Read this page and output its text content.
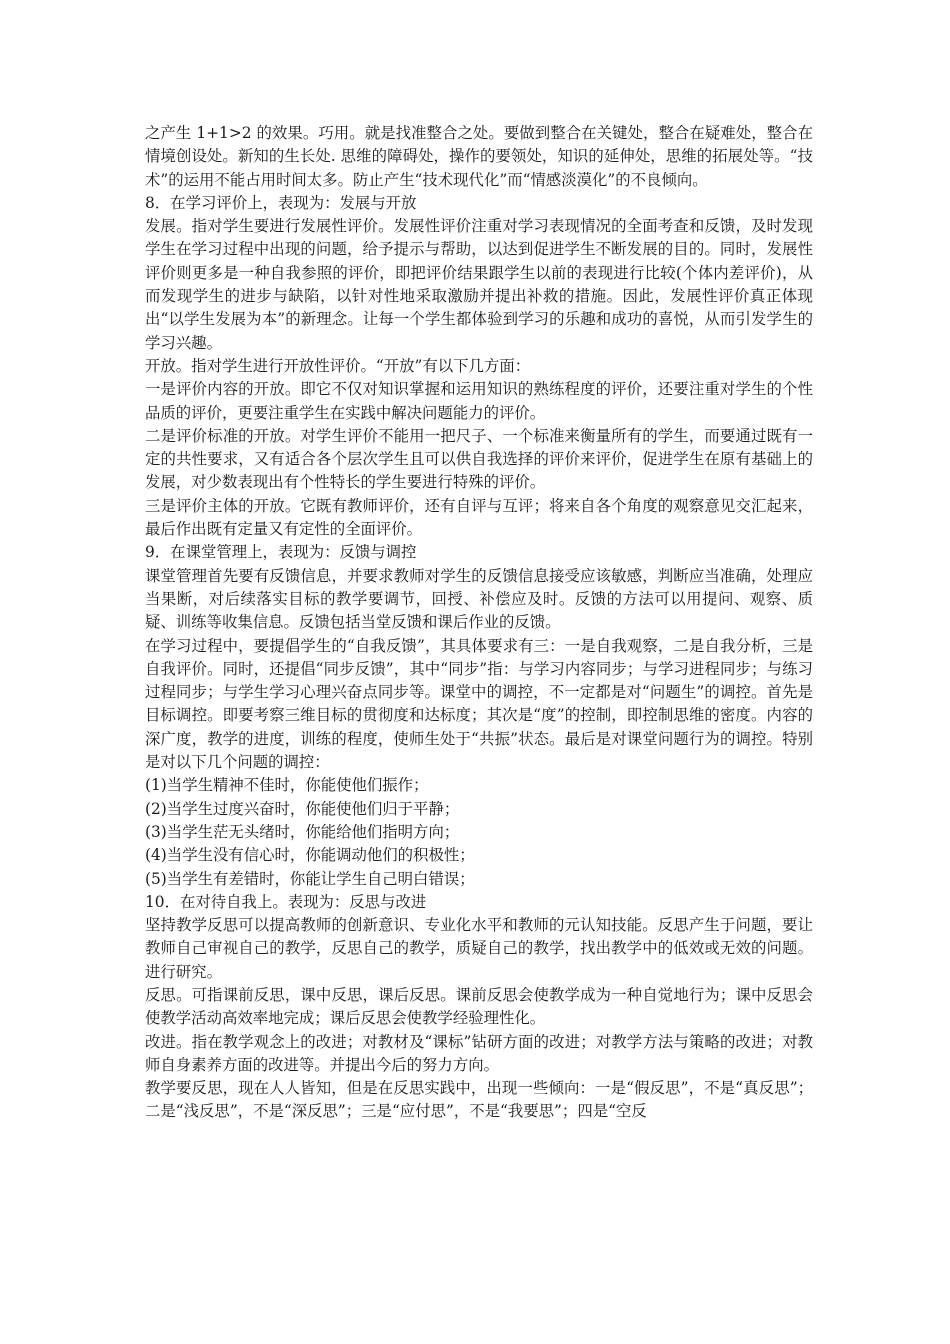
之产生 1+1>2 的效果。巧用。就是找准整合之处。要做到整合在关键处，整合在疑难处，整合在情境创设处。新知的生长处. 思维的障碍处，操作的要领处，知识的延伸处，思维的拓展处等。“技术”的运用不能占用时间太多。防止产生“技术现代化”而“情感淡漠化”的不良倾向。

8．在学习评价上，表现为：发展与开放

发展。指对学生要进行发展性评价。发展性评价注重对学习表现情况的全面考查和反馈，及时发现学生在学习过程中出现的问题，给予提示与帮助，以达到促进学生不断发展的目的。同时，发展性评价则更多是一种自我参照的评价，即把评价结果跟学生以前的表现进行比较(个体内差评价)，从而发现学生的进步与缺陷，以针对性地采取激励并提出补救的措施。因此，发展性评价真正体现出“以学生发展为本”的新理念。让每一个学生都体验到学习的乐趣和成功的喜悦，从而引发学生的学习兴趣。

开放。指对学生进行开放性评价。“开放”有以下几方面：

一是评价内容的开放。即它不仅对知识掌握和运用知识的熟练程度的评价，还要注重对学生的个性品质的评价，更要注重学生在实践中解决问题能力的评价。

二是评价标准的开放。对学生评价不能用一把尺子、一个标准来衡量所有的学生，而要通过既有一定的共性要求，又有适合各个层次学生且可以供自我选择的评价来评价，促进学生在原有基础上的发展，对少数表现出有个性特长的学生要进行特殊的评价。

三是评价主体的开放。它既有教师评价，还有自评与互评；将来自各个角度的观察意见交汇起来，最后作出既有定量又有定性的全面评价。

9．在课堂管理上，表现为：反馈与调控

课堂管理首先要有反馈信息，并要求教师对学生的反馈信息接受应该敏感，判断应当准确，处理应当果断，对后续落实目标的教学要调节，回授、补偿应及时。反馈的方法可以用提问、观察、质疑、训练等收集信息。反馈包括当堂反馈和课后作业的反馈。

在学习过程中，要提倡学生的“自我反馈”，其具体要求有三：一是自我观察，二是自我分析，三是自我评价。同时，还提倡“同步反馈”，其中“同步”指：与学习内容同步；与学习进程同步；与练习过程同步；与学生学习心理兴奋点同步等。课堂中的调控，不一定都是对“问题生”的调控。首先是目标调控。即要考察三维目标的贯彻度和达标度；其次是“度”的控制，即控制思维的密度。内容的深广度，教学的进度，训练的程度，使师生处于“共振”状态。最后是对课堂问题行为的调控。特别是对以下几个问题的调控：

(1)当学生精神不佳时，你能使他们振作；

(2)当学生过度兴奋时，你能使他们归于平静；

(3)当学生茫无头绪时，你能给他们指明方向；

(4)当学生没有信心时，你能调动他们的积极性；

(5)当学生有差错时，你能让学生自己明白错误；

10．在对待自我上。表现为：反思与改进

坚持教学反思可以提高教师的创新意识、专业化水平和教师的元认知技能。反思产生于问题，要让教师自己审视自己的教学，反思自己的教学，质疑自己的教学，找出教学中的低效或无效的问题。进行研究。

反思。可指课前反思，课中反思，课后反思。课前反思会使教学成为一种自觉地行为；课中反思会使教学活动高效率地完成；课后反思会使教学经验理性化。

改进。指在教学观念上的改进；对教材及“课标”钻研方面的改进；对教学方法与策略的改进；对教师自身素养方面的改进等。并提出今后的努力方向。

教学要反思，现在人人皆知，但是在反思实践中，出现一些倾向：一是“假反思”，不是“真反思”；二是“浅反思”，不是“深反思”；三是“应付思”，不是“我要思”；四是“空反
